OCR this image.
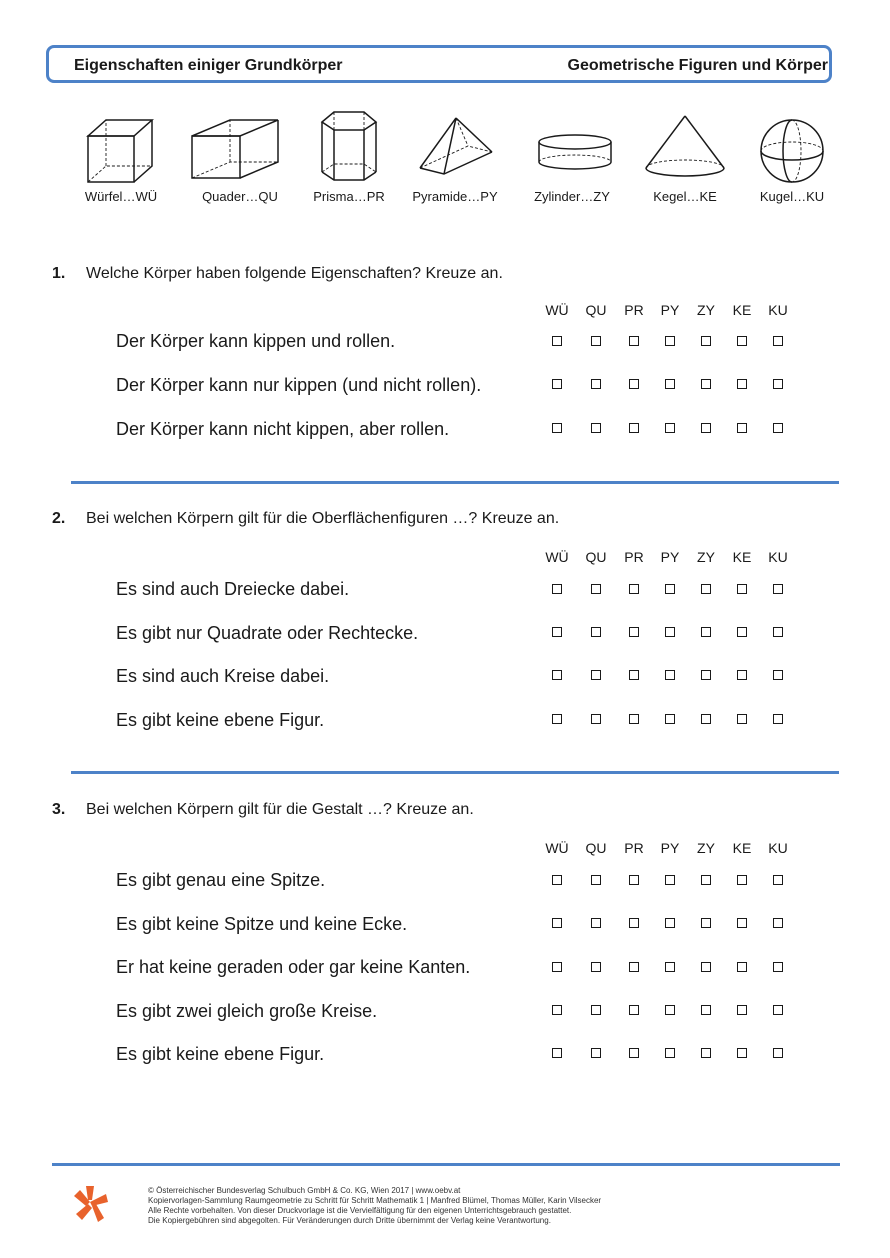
Eigenschaften einiger Grundkörper	Geometrische Figuren und Körper
Würfel…WÜ	Quader…QU	Prisma…PR Pyramide…PY	Zylinder…ZY	Kegel…KE	Kugel…KU
1. Welche Körper haben folgende Eigenschaften? Kreuze an.
WÜ QU PR PY ZY KE KU
Der Körper kann kippen und rollen.
Der Körper kann nur kippen (und nicht rollen).
Der Körper kann nicht kippen, aber rollen.
2. Bei welchen Körpern gilt für die Oberflächenfiguren …? Kreuze an.
WÜ QU PR PY ZY KE KU
Es sind auch Dreiecke dabei.
Es gibt nur Quadrate oder Rechtecke.
Es sind auch Kreise dabei.
Es gibt keine ebene Figur.
3. Bei welchen Körpern gilt für die Gestalt …? Kreuze an.
WÜ QU PR PY ZY KE KU
Es gibt genau eine Spitze.
Es gibt keine Spitze und keine Ecke.
Er hat keine geraden oder gar keine Kanten.
Es gibt zwei gleich große Kreise.
Es gibt keine ebene Figur.
© Österreichischer Bundesverlag Schulbuch GmbH & Co. KG, Wien 2017 | www.oebv.at
Kopiervorlagen-Sammlung Raumgeometrie zu Schritt für Schritt Mathematik 1 | Manfred Blümel, Thomas Müller, Karin Vilsecker
Alle Rechte vorbehalten. Von dieser Druckvorlage ist die Vervielfältigung für den eigenen Unterrichtsgebrauch gestattet.
Die Kopiergebühren sind abgegolten. Für Veränderungen durch Dritte übernimmt der Verlag keine Verantwortung.
